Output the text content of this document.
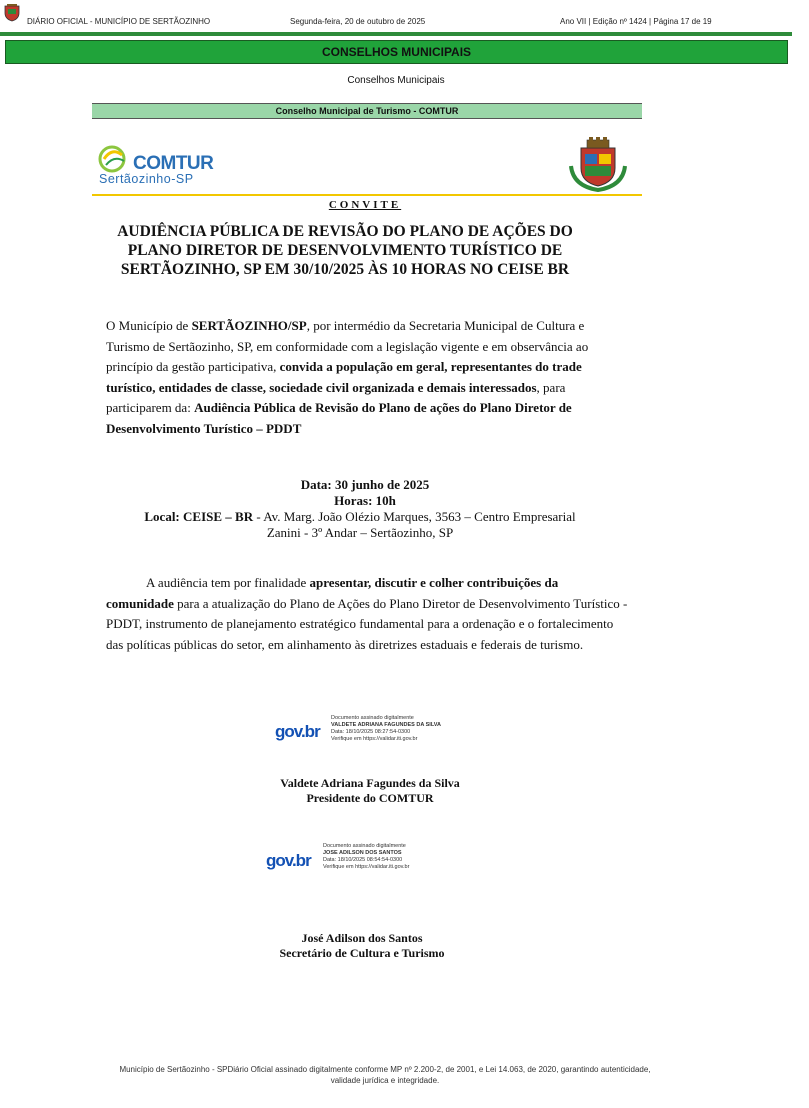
DIÁRIO OFICIAL - MUNICÍPIO DE SERTÃOZINHO	Segunda-feira, 20 de outubro de 2025	Ano VII | Edição nº 1424 | Página 17 de 19
CONSELHOS MUNICIPAIS
Conselhos Municipais
Conselho Municipal de Turismo - COMTUR
COMTUR
Sertãozinho-SP
CONVITE
AUDIÊNCIA PÚBLICA DE REVISÃO DO PLANO DE AÇÕES DO
PLANO DIRETOR DE DESENVOLVIMENTO TURÍSTICO DE
SERTÃOZINHO, SP EM 30/10/2025 ÀS 10 HORAS NO CEISE BR
O Município de SERTÃOZINHO/SP, por intermédio da Secretaria Municipal de Cultura e Turismo de Sertãozinho, SP, em conformidade com a legislação vigente e em observância ao princípio da gestão participativa, convida a população em geral, representantes do trade turístico, entidades de classe, sociedade civil organizada e demais interessados, para participarem da: Audiência Pública de Revisão do Plano de ações do Plano Diretor de Desenvolvimento Turístico – PDDT
Data: 30 junho de 2025
Horas: 10h
Local: CEISE – BR - Av. Marg. João Olézio Marques, 3563 – Centro Empresarial
Zanini - 3º Andar – Sertãozinho, SP
A audiência tem por finalidade apresentar, discutir e colher contribuições da comunidade para a atualização do Plano de Ações do Plano Diretor de Desenvolvimento Turístico - PDDT, instrumento de planejamento estratégico fundamental para a ordenação e o fortalecimento das políticas públicas do setor, em alinhamento às diretrizes estaduais e federais de turismo.
gov.br
Documento assinado digitalmente
VALDETE ADRIANA FAGUNDES DA SILVA
Data: 18/10/2025 08:27:54-0300
Verifique em https://validar.iti.gov.br
Valdete Adriana Fagundes da Silva
Presidente do COMTUR
gov.br
Documento assinado digitalmente
JOSE ADILSON DOS SANTOS
Data: 18/10/2025 08:54:54-0300
Verifique em https://validar.iti.gov.br
José Adilson dos Santos
Secretário de Cultura e Turismo
Município de Sertãozinho - SPDiário Oficial assinado digitalmente conforme MP nº 2.200-2, de 2001, e Lei 14.063, de 2020, garantindo autenticidade,
validade jurídica e integridade.
